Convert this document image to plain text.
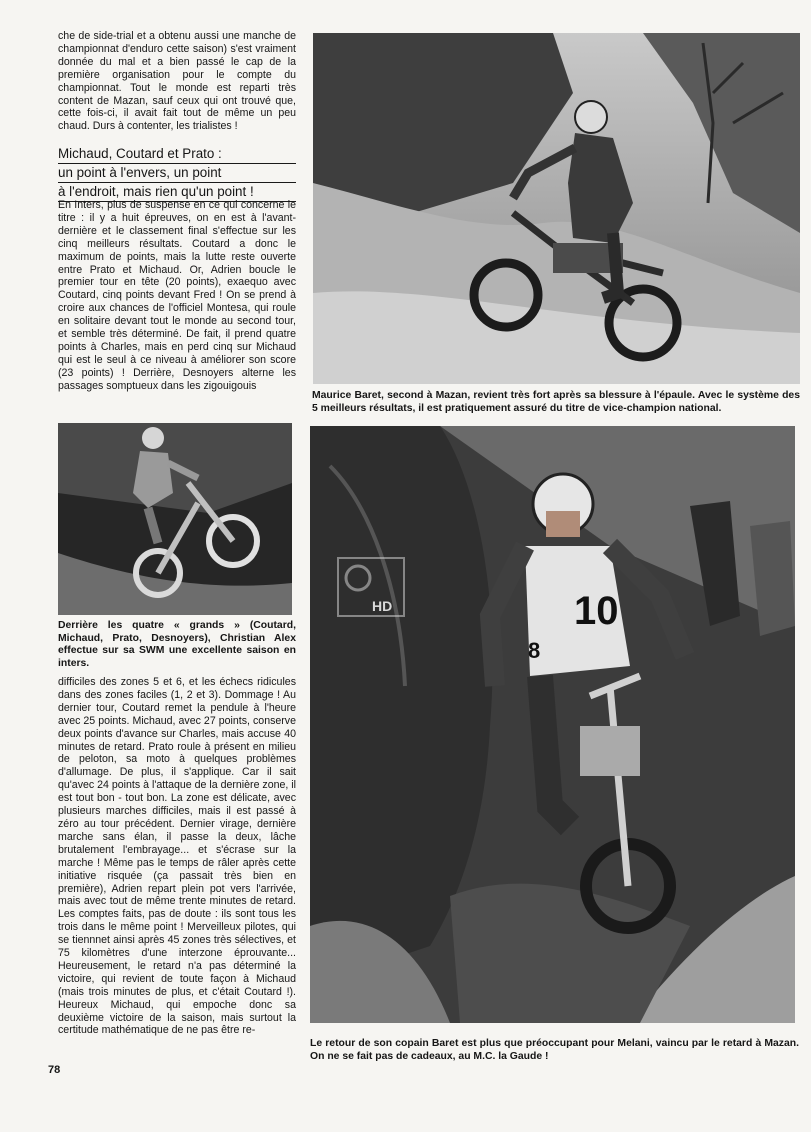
che de side-trial et a obtenu aussi une manche de championnat d'enduro cette saison) s'est vraiment donnée du mal et a bien passé le cap de la première organisation pour le compte du championnat. Tout le monde est reparti très content de Mazan, sauf ceux qui ont trouvé que, cette fois-ci, il avait fait tout de même un peu chaud. Durs à contenter, les trialistes !

Michaud, Coutard et Prato :
un point à l'envers, un point
à l'endroit, mais rien qu'un point !

En Inters, plus de suspense en ce qui concerne le titre : il y a huit épreuves, on en est à l'avant-dernière et le classement final s'effectue sur les cinq meilleurs résultats. Coutard a donc le maximum de points, mais la lutte reste ouverte entre Prato et Michaud. Or, Adrien boucle le premier tour en tête (20 points), exaequo avec Coutard, cinq points devant Fred ! On se prend à croire aux chances de l'officiel Montesa, qui roule en solitaire devant tout le monde au second tour, et semble très déterminé. De fait, il prend quatre points à Charles, mais en perd cinq sur Michaud qui est le seul à ce niveau à améliorer son score (23 points) ! Derrière, Desnoyers alterne les passages somptueux dans les zigouigouis

Maurice Baret, second à Mazan, revient très fort après sa blessure à l'épaule. Avec le système des 5 meilleurs résultats, il est pratiquement assuré du titre de vice-champion national.
Derrière les quatre « grands » (Coutard, Michaud, Prato, Desnoyers), Christian Alex effectue sur sa SWM une excellente saison en inters.

difficiles des zones 5 et 6, et les échecs ridicules dans des zones faciles (1, 2 et 3). Dommage ! Au dernier tour, Coutard remet la pendule à l'heure avec 25 points. Michaud, avec 27 points, conserve deux points d'avance sur Charles, mais accuse 40 minutes de retard. Prato roule à présent en milieu de peloton, sa moto à quelques problèmes d'allumage. De plus, il s'applique. Car il sait qu'avec 24 points à l'attaque de la dernière zone, il est tout bon - tout bon. La zone est délicate, avec plusieurs marches difficiles, mais il est passé à zéro au tour précédent. Dernier virage, dernière marche sans élan, il passe la deux, lâche brutalement l'embrayage... et s'écrase sur la marche ! Même pas le temps de râler après cette initiative risquée (ça passait très bien en première), Adrien repart plein pot vers l'arrivée, mais avec tout de même trente minutes de retard. Les comptes faits, pas de doute : ils sont tous les trois dans le même point ! Merveilleux pilotes, qui se tiennnet ainsi après 45 zones très sélectives, et 75 kilomètres d'une interzone éprouvante... Heureusement, le retard n'a pas déterminé la victoire, qui revient de toute façon à Michaud (mais trois minutes de plus, et c'était Coutard !). Heureux Michaud, qui empoche donc sa deuxième victoire de la saison, mais surtout la certitude mathématique de ne pas être re-

10
8
HD
Le retour de son copain Baret est plus que préoccupant pour Melani, vaincu par le retard à Mazan. On ne se fait pas de cadeaux, au M.C. la Gaude !
78
